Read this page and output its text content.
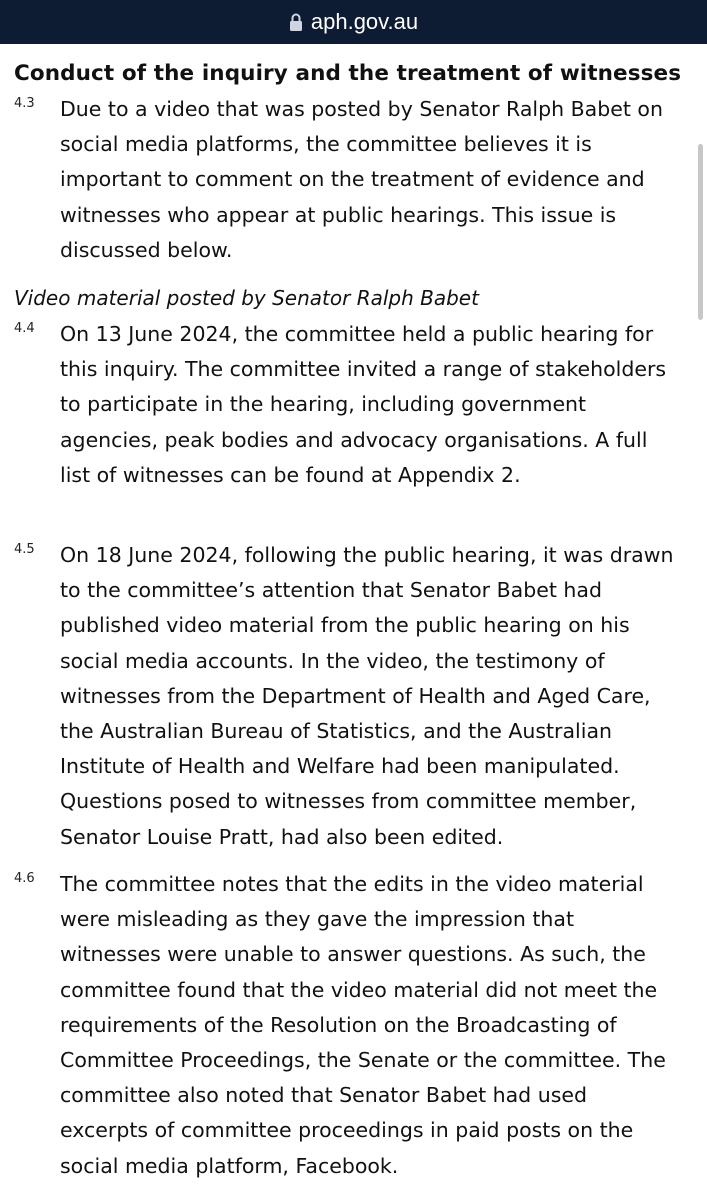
aph.gov.au
Conduct of the inquiry and the treatment of witnesses
4.3 Due to a video that was posted by Senator Ralph Babet on social media platforms, the committee believes it is important to comment on the treatment of evidence and witnesses who appear at public hearings. This issue is discussed below.

Video material posted by Senator Ralph Babet
4.4 On 13 June 2024, the committee held a public hearing for this inquiry. The committee invited a range of stakeholders to participate in the hearing, including government agencies, peak bodies and advocacy organisations. A full list of witnesses can be found at Appendix 2.

4.5 On 18 June 2024, following the public hearing, it was drawn to the committee’s attention that Senator Babet had published video material from the public hearing on his social media accounts. In the video, the testimony of witnesses from the Department of Health and Aged Care, the Australian Bureau of Statistics, and the Australian Institute of Health and Welfare had been manipulated. Questions posed to witnesses from committee member, Senator Louise Pratt, had also been edited.

4.6 The committee notes that the edits in the video material were misleading as they gave the impression that witnesses were unable to answer questions. As such, the committee found that the video material did not meet the requirements of the Resolution on the Broadcasting of Committee Proceedings, the Senate or the committee. The committee also noted that Senator Babet had used excerpts of committee proceedings in paid posts on the social media platform, Facebook.
